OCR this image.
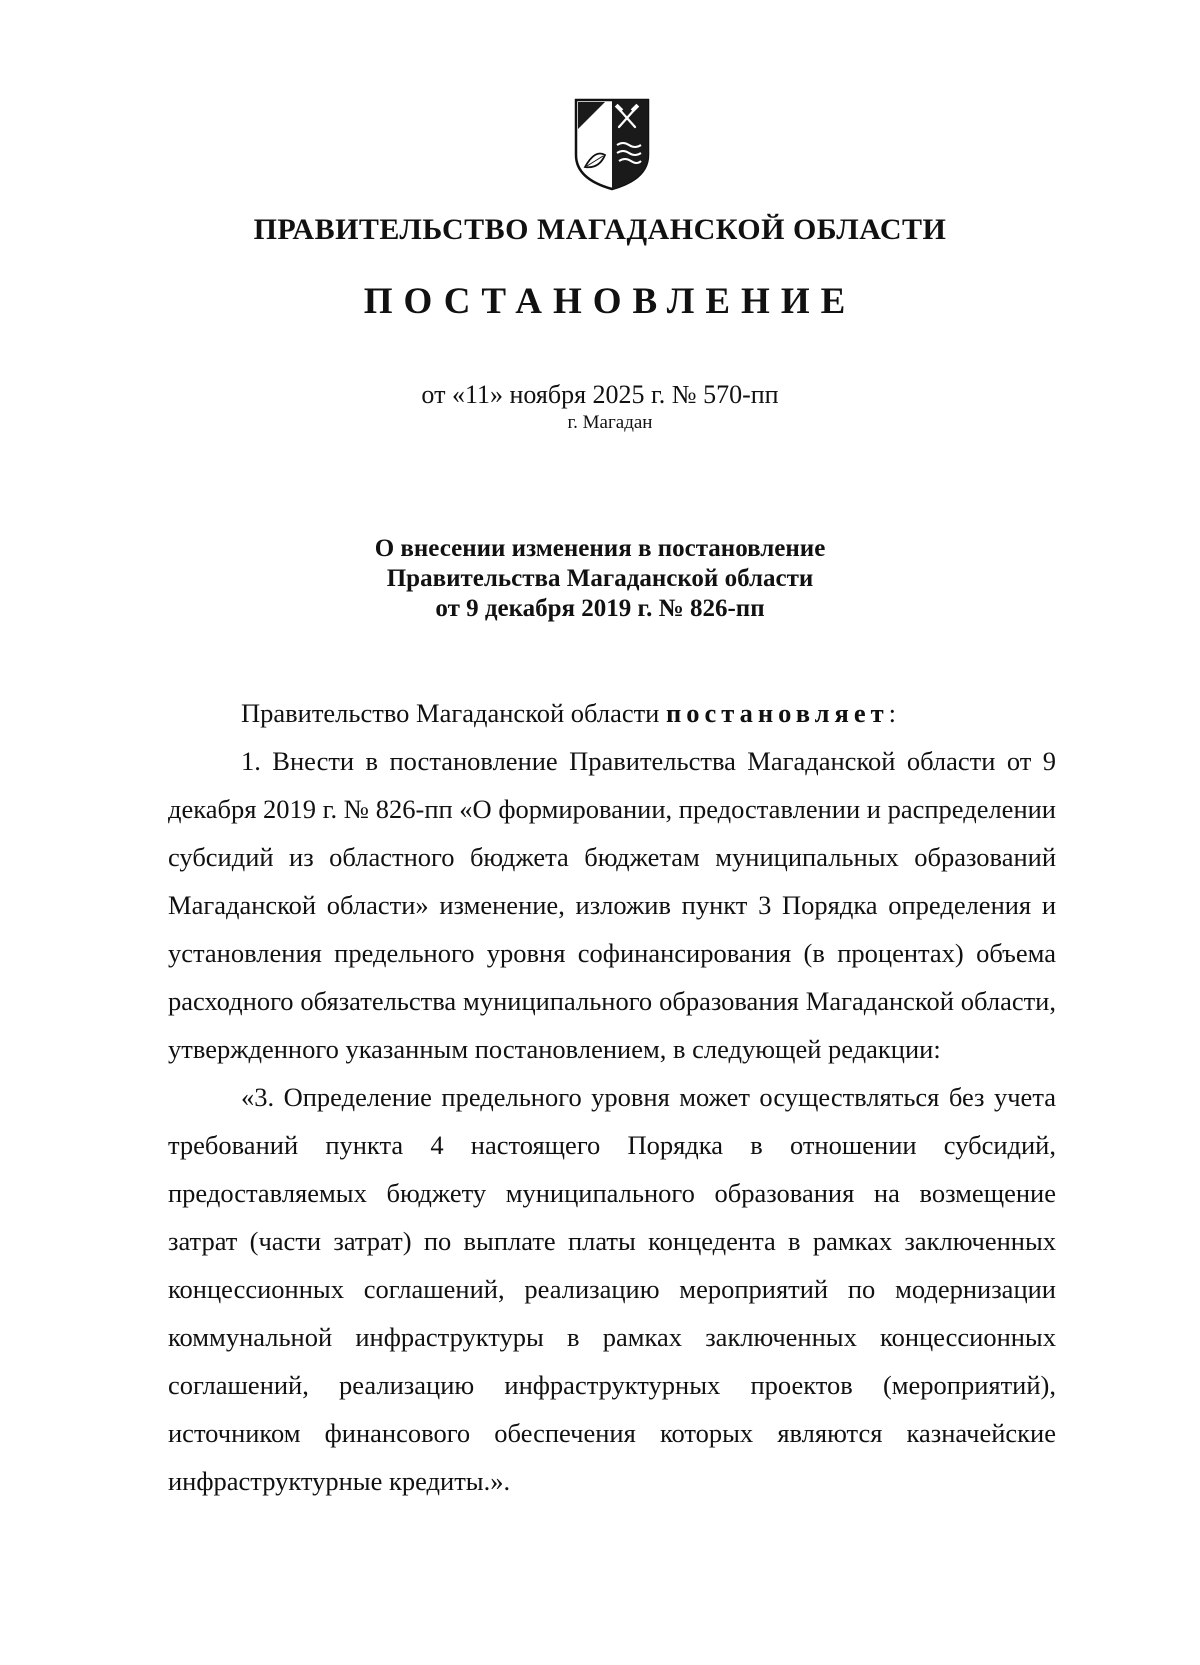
ПРАВИТЕЛЬСТВО МАГАДАНСКОЙ ОБЛАСТИ
ПОСТАНОВЛЕНИЕ
от «11» ноября 2025 г. № 570-пп
г. Магадан
О внесении изменения в постановление
Правительства Магаданской области
от 9 декабря 2019 г. № 826-пп

Правительство Магаданской области постановляет:

1. Внести в постановление Правительства Магаданской области от 9 декабря 2019 г. № 826-пп «О формировании, предоставлении и распределении субсидий из областного бюджета бюджетам муниципальных образований Магаданской области» изменение, изложив пункт 3 Порядка определения и установления предельного уровня софинансирования (в процентах) объема расходного обязательства муниципального образования Магаданской области, утвержденного указанным постановлением, в следующей редакции:

«3. Определение предельного уровня может осуществляться без учета требований пункта 4 настоящего Порядка в отношении субсидий, предоставляемых бюджету муниципального образования на возмещение затрат (части затрат) по выплате платы концедента в рамках заключенных концессионных соглашений, реализацию мероприятий по модернизации коммунальной инфраструктуры в рамках заключенных концессионных соглашений, реализацию инфраструктурных проектов (мероприятий), источником финансового обеспечения которых являются казначейские инфраструктурные кредиты.».
